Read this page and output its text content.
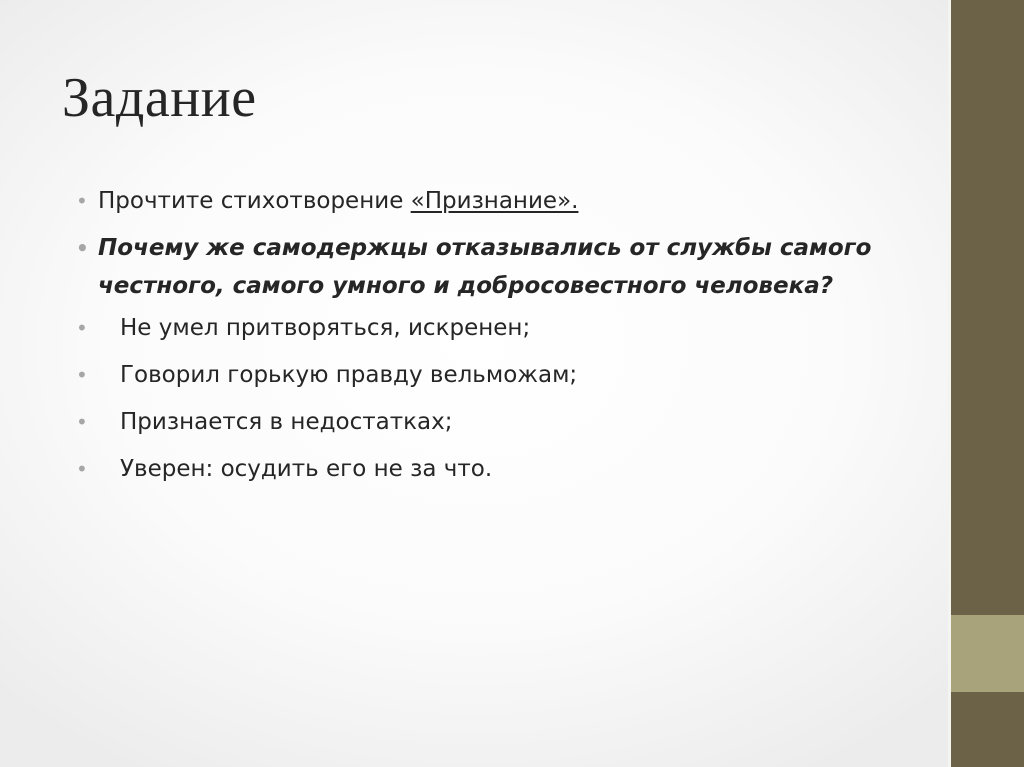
Задание
• Прочтите стихотворение «Признание».
• Почему же самодержцы отказывались от службы самого честного, самого умного и добросовестного человека?
• Не умел притворяться, искренен;
• Говорил горькую правду вельможам;
• Признается в недостатках;
• Уверен: осудить его не за что.
